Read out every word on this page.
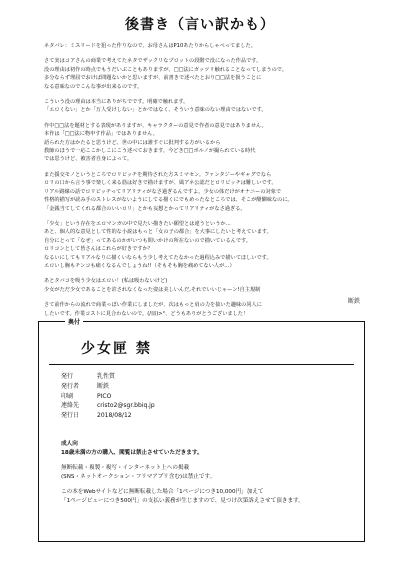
後書き（言い訳かも）

ネタバレ：ミスリードを狙った作りなので、お母さんはP10あたりからしゃべってました。

さて実はコアさんの商業で考えてたネタでザックリなプロットの段階で没になった作品です。
没の理由は初作の時点でもうだいぶこともありますが、□□法にガッツリ触れることなってしまうので。
多分ならず理屈でおけば問題ないかと思いますが、前書きで述べたとおり□□法を扱うことに
なる意味なのでこんな事が出来るのです。

こういう没の理由は本当にありがちでです。明確で触れます。
「エロくない」とか「万人受けしない」とかではなく、そういう意味のない理由ではないです。

作中□□法を題材とする表現がありますが、キャラクターの意見で作者の意見ではありません。
本作は「□□法に物申す作品」ではありません。
語られた方はかたると思うけど、世の中には誰すぐに批判する方がいるから
教師のほうで一応ここかしこにこう述べておきます。今どき□□ポルノが撮られている時代
では思うけど、被害者自身によって。

また援交モノというところでロリビッチを期待された方スミマセン。ファンタジーやギャグでなら
ロリの口から言う事で楽しく来る筋は好きで描けますが、風アネ公認だとロリビッチは難しいです。
リアル路線の話でロリビッチってリアリティがなさ過ぎるんですよ。少女の体だけがオナニーの対象で
性格的描写が読み手のストレスがないようにしてる描くにでもめったなところでは、そこが醍醐味なのに。
「金銭当てしてくれる都合のいいロリ」とかも妄想とかってリアリティがなさ過ぎる。

「少女」という存在をエロマンガの中で見たい描きたい願望とは違うというか…
あと、個人的な意見として性的な小説はもっと「女の子の都合」を大事にしたいと考えています。
自分にとって「なぜ」ってあるのかがいつも問いかけの所在ないので描いているんです。
ロリコンとして皆さんはこれらが好きですか？
なるいにしてもリアルなりに描くいならもう少し考えてたなかった過程込みで描いてほしいです。
エロいし胸もチンコも痛くなるんでしょうね!!（そもそも胸を痛めてない人が…）

あとタバコを吸う少女はエロい！(私は吸わないけど)
少女がただ少女であることを許されなくなった姿は美しいんだ,それでいいじゃーン!自主規制

さて前作からの流れで商業っぽい作業にしましたが、次はもっと肩の力を抜いた趣味の同人に
したいです。作業コストに見合わないので。(/皿)>°、どうもありがとうございました！

断鉄
奥付
少女匣 禁
発行	乳性質
発行者	断鉄
印刷	PICO
連絡先	cristo2@sgr.bbiq.jp
発行日	2018/08/12

成人向
18歳未満の方の購入、閲覧は禁止させていただきます。

無断転載・複製・複写・インターネット上への掲載
(SNS・ネットオークション・フリマアプリ含む)は禁止です。

この本をWebサイトなどに無断転載した場合「1ページにつき10,000円」加えて
「1ページビューにつき500円」の支払い義務が生じますので、見つけ次第訴えさせて頂きます。
